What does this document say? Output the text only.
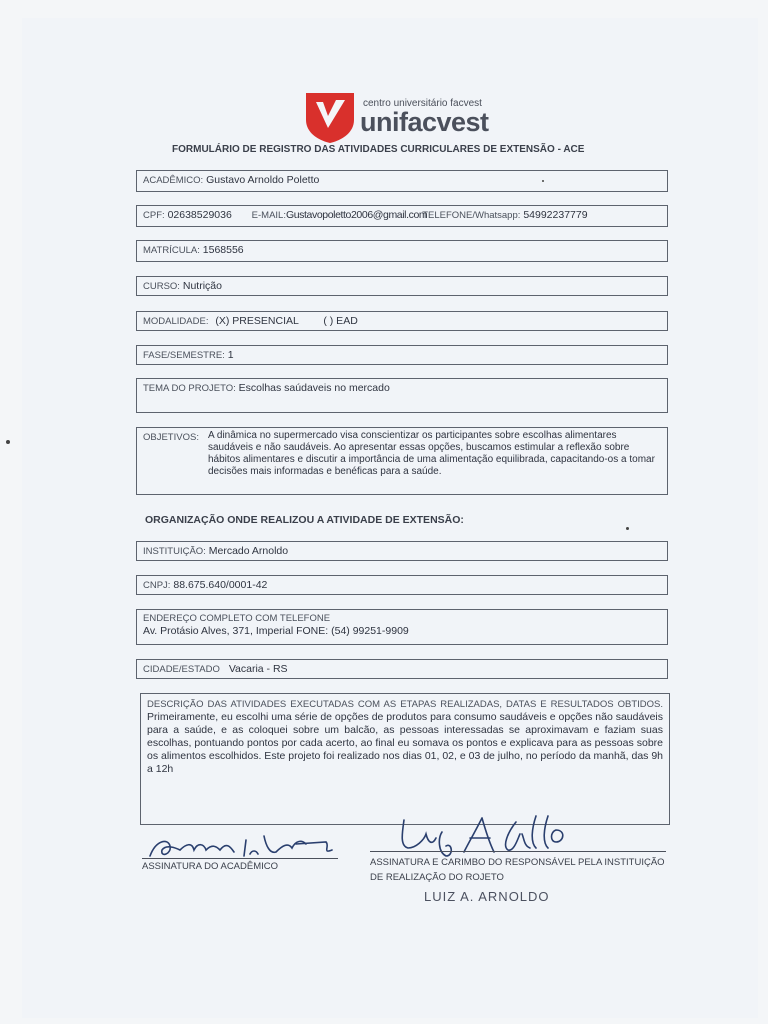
centro universitário facvest
unifacvest
FORMULÁRIO DE REGISTRO DAS ATIVIDADES CURRICULARES DE EXTENSÃO - ACE
ACADÊMICO: Gustavo Arnoldo Poletto
CPF: 02638529036 E-MAIL:Gustavopoletto2006@gmail.com TELEFONE/Whatsapp: 54992237779
MATRÍCULA: 1568556
CURSO: Nutrição
MODALIDADE: (X) PRESENCIAL ( ) EAD
FASE/SEMESTRE: 1
TEMA DO PROJETO: Escolhas saúdaveis no mercado
OBJETIVOS: A dinâmica no supermercado visa conscientizar os participantes sobre escolhas alimentares saudáveis e não saudáveis. Ao apresentar essas opções, buscamos estimular a reflexão sobre hábitos alimentares e discutir a importância de uma alimentação equilibrada, capacitando-os a tomar decisões mais informadas e benéficas para a saúde.
ORGANIZAÇÃO ONDE REALIZOU A ATIVIDADE DE EXTENSÃO:
INSTITUIÇÃO: Mercado Arnoldo
CNPJ: 88.675.640/0001-42
ENDEREÇO COMPLETO COM TELEFONE
Av. Protásio Alves, 371, Imperial FONE: (54) 99251-9909
CIDADE/ESTADO Vacaria - RS
DESCRIÇÃO DAS ATIVIDADES EXECUTADAS COM AS ETAPAS REALIZADAS, DATAS E RESULTADOS OBTIDOS. Primeiramente, eu escolhi uma série de opções de produtos para consumo saudáveis e opções não saudáveis para a saúde, e as coloquei sobre um balcão, as pessoas interessadas se aproximavam e faziam suas escolhas, pontuando pontos por cada acerto, ao final eu somava os pontos e explicava para as pessoas sobre os alimentos escolhidos. Este projeto foi realizado nos dias 01, 02, e 03 de julho, no período da manhã, das 9h a 12h
ASSINATURA DO ACADÊMICO	ASSINATURA E CARIMBO DO RESPONSÁVEL PELA INSTITUIÇÃO DE REALIZAÇÃO DO ROJETO
LUIZ A. ARNOLDO
